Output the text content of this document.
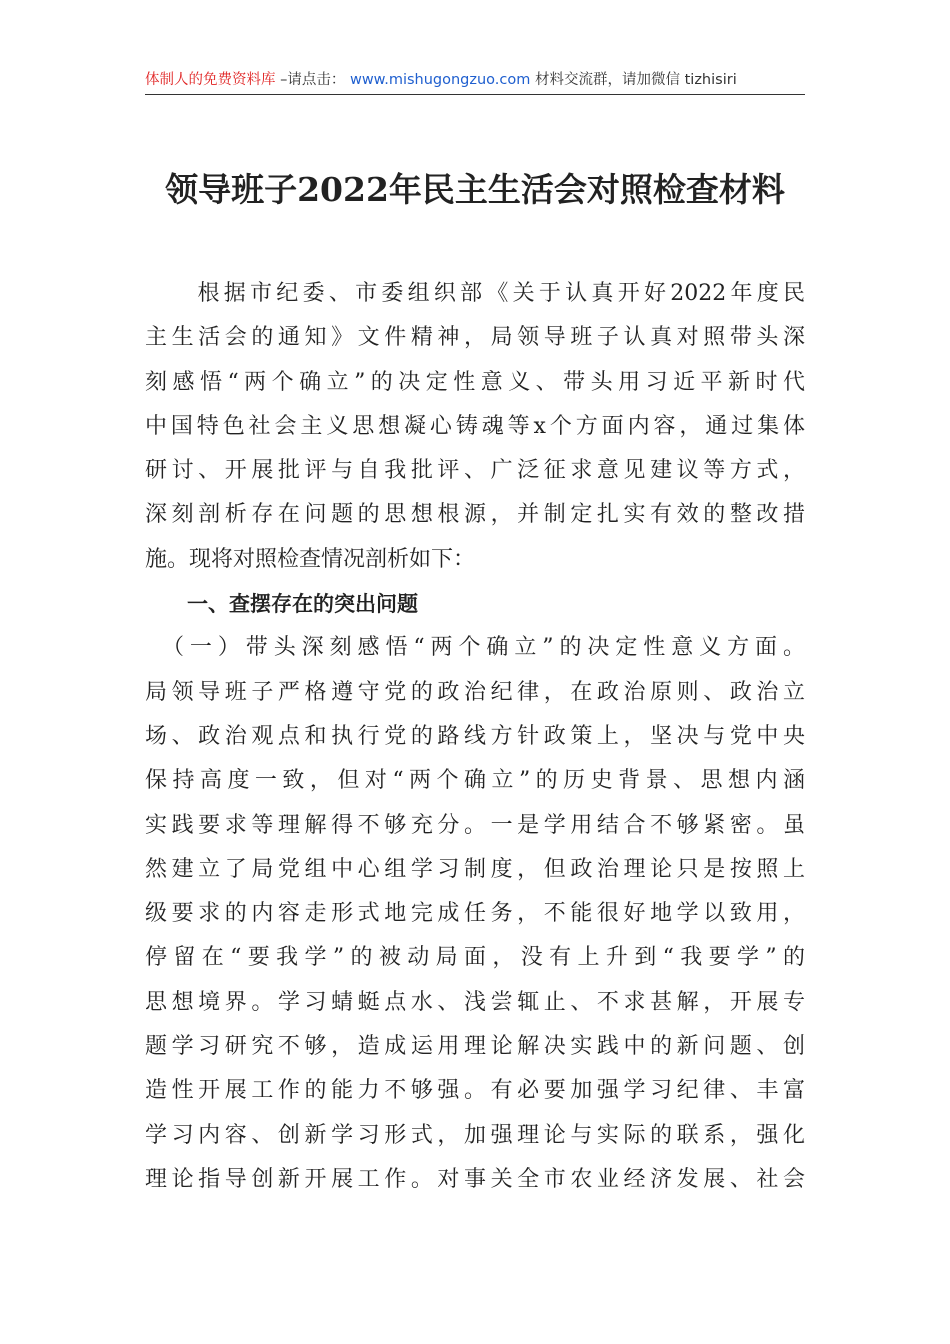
体制人的免费资料库 –请点击： www.mishugongzuo.com 材料交流群，请加微信 tizhisiri
领导班子2022年民主生活会对照检查材料
　　根据市纪委、市委组织部《关于认真开好2022年度民
主生活会的通知》文件精神，局领导班子认真对照带头深
刻感悟“两个确立”的决定性意义、带头用习近平新时代
中国特色社会主义思想凝心铸魂等x个方面内容，通过集体
研讨、开展批评与自我批评、广泛征求意见建议等方式，
深刻剖析存在问题的思想根源，并制定扎实有效的整改措
施。现将对照检查情况剖析如下：
　　一、查摆存在的突出问题
　（一）带头深刻感悟“两个确立”的决定性意义方面。
局领导班子严格遵守党的政治纪律，在政治原则、政治立
场、政治观点和执行党的路线方针政策上，坚决与党中央
保持高度一致，但对“两个确立”的历史背景、思想内涵
实践要求等理解得不够充分。一是学用结合不够紧密。虽
然建立了局党组中心组学习制度，但政治理论只是按照上
级要求的内容走形式地完成任务，不能很好地学以致用，
停留在“要我学”的被动局面，没有上升到“我要学”的
思想境界。学习蜻蜓点水、浅尝辄止、不求甚解，开展专
题学习研究不够，造成运用理论解决实践中的新问题、创
造性开展工作的能力不够强。有必要加强学习纪律、丰富
学习内容、创新学习形式，加强理论与实际的联系，强化
理论指导创新开展工作。对事关全市农业经济发展、社会
